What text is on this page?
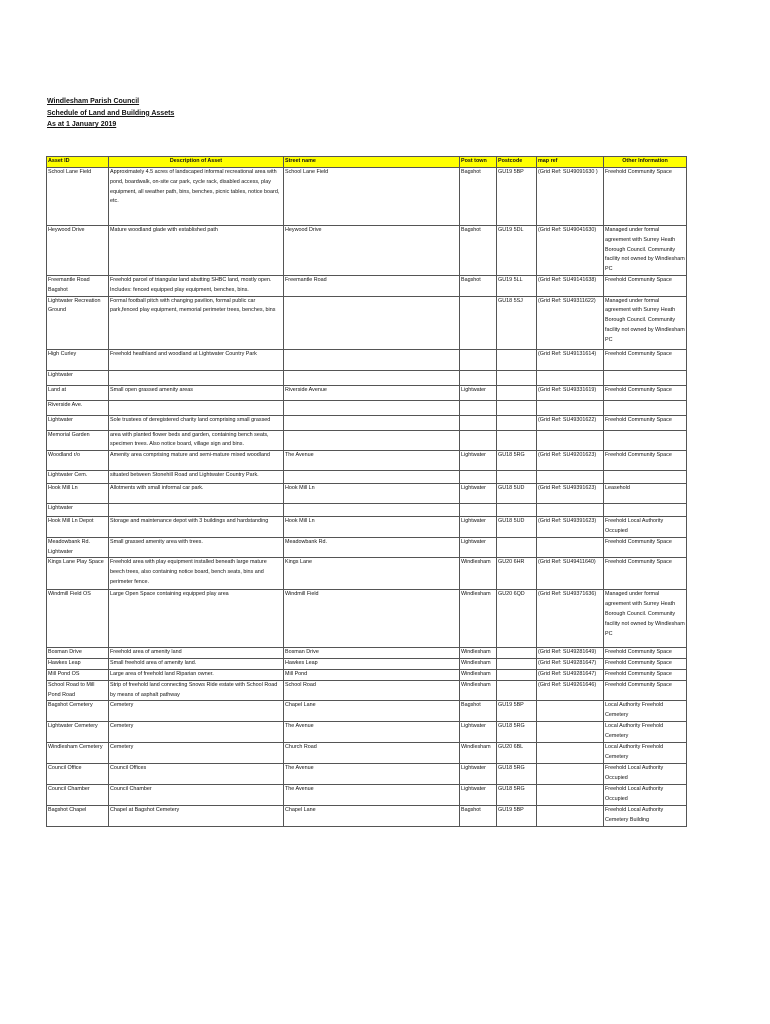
Windlesham Parish Council
Schedule of Land and Building Assets
As at 1 January 2019
Asset ID	Description of Asset	Street name	Post town	Postcode	map ref	Other Information
School Lane Field	Approximately 4.5 acres of landscaped informal recreational area with pond, boardwalk, on-site car park, cycle rack, disabled access, play equipment, all weather path, bins, benches, picnic tables, notice board, etc.	School Lane Field	Bagshot	GU19 5BP	(Grid Ref: SU49091630 )	Freehold Community Space
Heywood Drive	Mature woodland glade with established path	Heywood Drive	Bagshot	GU19 5DL	(Grid Ref: SU49041630)	Managed under formal agreement with Surrey Heath Borough Council. Community facility not owned by Windlesham PC
Freemantle Road Bagshot	Freehold parcel of triangular land abutting SHBC land, mostly open. Includes: fenced equipped play equipment, benches, bins.	Freemantle Road	Bagshot	GU19 5LL	(Grid Ref: SU49141638)	Freehold Community Space
Lightwater Recreation Ground	Formal football pitch with changing pavilion, formal public car park,fenced play equipment, memorial perimeter trees, benches, bins			GU18 5SJ	(Grid Ref: SU49311622)	Managed under formal agreement with Surrey Heath Borough Council. Community facility not owned by Windlesham PC
High Curley	Freehold heathland and woodland at Lightwater Country Park				(Grid Ref: SU49131614)	Freehold Community Space
Lightwater						
Land at	Small open grassed amenity areas	Riverside Avenue	Lightwater		(Grid Ref: SU49331619)	Freehold Community Space
Riverside Ave.						
Lightwater	Sole trustees of deregistered charity land comprising small grassed				(Grid Ref: SU49301622)	Freehold Community Space
Memorial Garden	area with planted flower beds and garden, containing bench seats, specimen trees. Also notice board, village sign and bins.					
Woodland r/o	Amenity area comprising mature and semi-mature mixed woodland	The Avenue	Lightwater	GU18 5RG	(Grid Ref: SU49201623)	Freehold Community Space
Lightwater Cem.	situated between Stonehill Road and Lightwater Country Park.					
Hook Mill Ln	Allotments with small informal car park.	Hook Mill Ln	Lightwater	GU18 5UD	(Grid Ref: SU49391623)	Leasehold
Lightwater						
Hook Mill Ln Depot	Storage and maintenance depot with 3 buildings and hardstanding	Hook Mill Ln	Lightwater	GU18 5UD	(Grid Ref: SU49391623)	Freehold Local Authority Occupied
Meadowbank Rd. Lightwater	Small grassed amenity area with trees.	Meadowbank Rd.	Lightwater			Freehold Community Space
Kings Lane Play Space	Freehold area with play equipment installed beneath large mature beech trees, also containing notice board, bench seats, bins and perimeter fence.	Kings Lane	Windlesham	GU20 6HR	(Grid Ref: SU49411640)	Freehold Community Space
Windmill Field OS	Large Open Space containing equipped play area	Windmill Field	Windlesham	GU20 6QD	(Grid Ref: SU49371636)	Managed under formal agreement with Surrey Heath Borough Council. Community facility not owned by Windlesham PC
Bosman Drive	Freehold area of amenity land	Bosman Drive	Windlesham		(Grid Ref: SU49281649)	Freehold Community Space
Hawkes Leap	Small freehold area of amenity land.	Hawkes Leap	Windlesham		(Grid Ref: SU49281647)	Freehold Community Space
Mill Pond OS	Large area of freehold land Riparian owner.	Mill Pond	Windlesham		(Grid Ref: SU49281647)	Freehold Community Space
School Road to Mill Pond Road	Strip of freehold land connecting Snows Ride estate with School Road by means of asphalt pathway	School Road	Windlesham		(Gird Ref: SU49261646)	Freehold Community Space
Bagshot Cemetery	Cemetery	Chapel Lane	Bagshot	GU19 5BP		Local Authority Freehold Cemetery
Lightwater Cemetery	Cemetery	The Avenue	Lightwater	GU18 5RG		Local Authority Freehold Cemetery
Windlesham Cemetery	Cemetery	Church Road	Windlesham	GU20 6BL		Local Authority Freehold Cemetery
Council Office	Council Offices	The Avenue	Lightwater	GU18 5RG		Freehold Local Authority Occupied
Council Chamber	Council Chamber	The Avenue	Lightwater	GU18 5RG		Freehold Local Authority Occupied
Bagshot Chapel	Chapel at Bagshot Cemetery	Chapel Lane	Bagshot	GU19 5BP		Freehold Local Authority Cemetery Building
